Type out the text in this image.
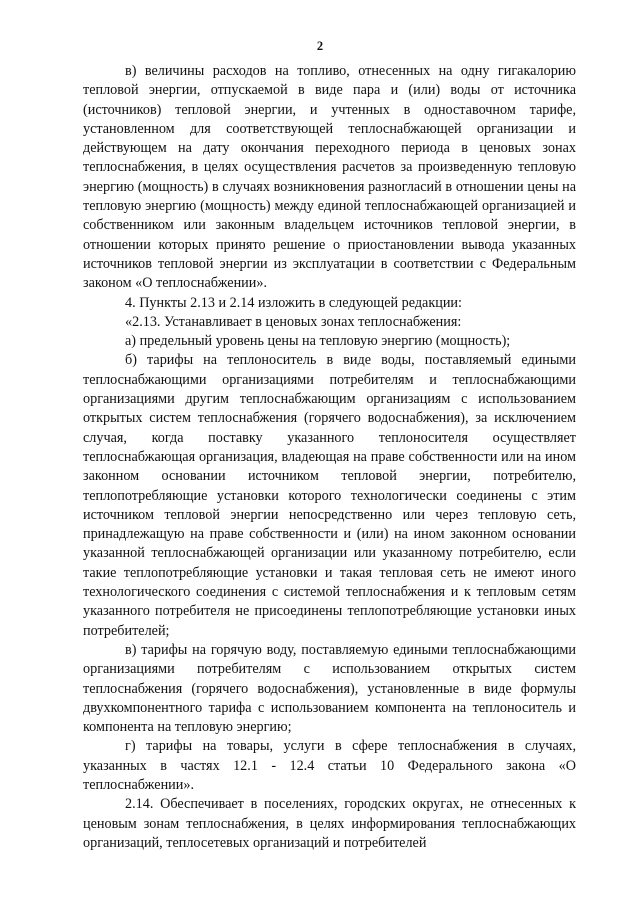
2

в) величины расходов на топливо, отнесенных на одну гигакалорию тепловой энергии, отпускаемой в виде пара и (или) воды от источника (источников) тепловой энергии, и учтенных в одноставочном тарифе, установленном для соответствующей теплоснабжающей организации и действующем на дату окончания переходного периода в ценовых зонах теплоснабжения, в целях осуществления расчетов за произведенную тепловую энергию (мощность) в случаях возникновения разногласий в отношении цены на тепловую энергию (мощность) между единой теплоснабжающей организацией и собственником или законным владельцем источников тепловой энергии, в отношении которых принято решение о приостановлении вывода указанных источников тепловой энергии из эксплуатации в соответствии с Федеральным законом «О теплоснабжении».

4. Пункты 2.13 и 2.14 изложить в следующей редакции:

«2.13. Устанавливает в ценовых зонах теплоснабжения:

а) предельный уровень цены на тепловую энергию (мощность);

б) тарифы на теплоноситель в виде воды, поставляемый едиными теплоснабжающими организациями потребителям и теплоснабжающими организациями другим теплоснабжающим организациям с использованием открытых систем теплоснабжения (горячего водоснабжения), за исключением случая, когда поставку указанного теплоносителя осуществляет теплоснабжающая организация, владеющая на праве собственности или на ином законном основании источником тепловой энергии, потребителю, теплопотребляющие установки которого технологически соединены с этим источником тепловой энергии непосредственно или через тепловую сеть, принадлежащую на праве собственности и (или) на ином законном основании указанной теплоснабжающей организации или указанному потребителю, если такие теплопотребляющие установки и такая тепловая сеть не имеют иного технологического соединения с системой теплоснабжения и к тепловым сетям указанного потребителя не присоединены теплопотребляющие установки иных потребителей;

в) тарифы на горячую воду, поставляемую едиными теплоснабжающими организациями потребителям с использованием открытых систем теплоснабжения (горячего водоснабжения), установленные в виде формулы двухкомпонентного тарифа с использованием компонента на теплоноситель и компонента на тепловую энергию;

г) тарифы на товары, услуги в сфере теплоснабжения в случаях, указанных в частях 12.1 - 12.4 статьи 10 Федерального закона «О теплоснабжении».

2.14. Обеспечивает в поселениях, городских округах, не отнесенных к ценовым зонам теплоснабжения, в целях информирования теплоснабжающих организаций, теплосетевых организаций и потребителей
